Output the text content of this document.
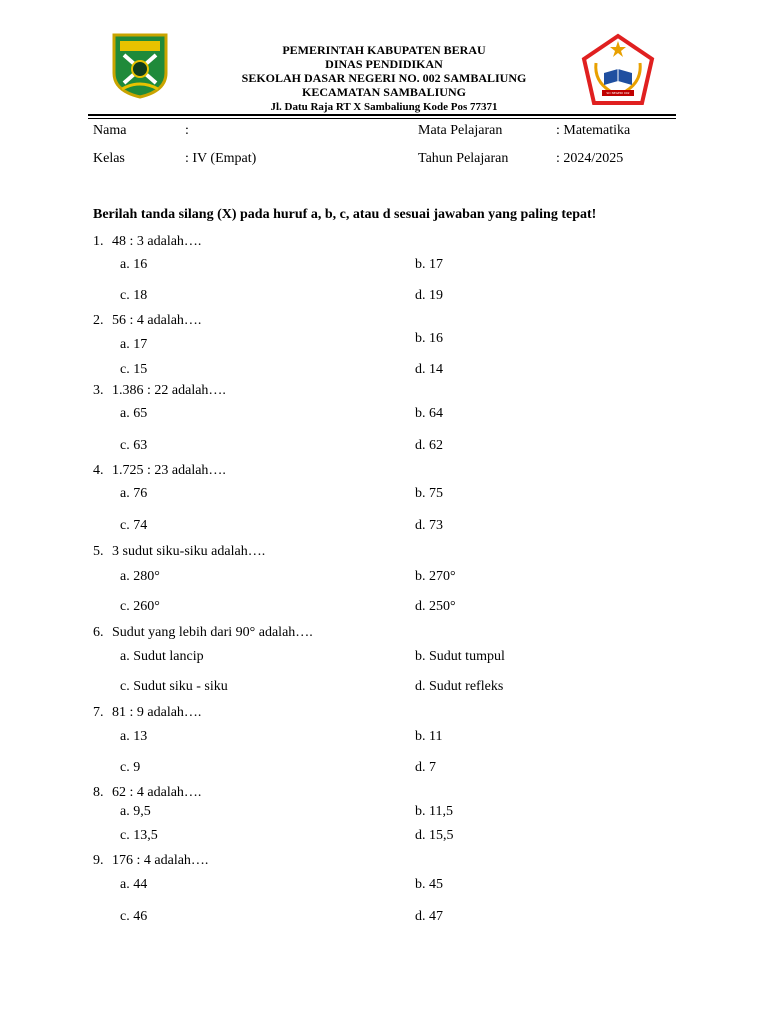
PEMERINTAH KABUPATEN BERAU
DINAS PENDIDIKAN
SEKOLAH DASAR NEGERI NO. 002 SAMBALIUNG
KECAMATAN SAMBALIUNG
Jl. Datu Raja RT X Sambaliung Kode Pos 77371
SD NEGERI 002 SAMBALIUNG
Nama	:	Mata Pelajaran	: Matematika
Kelas	: IV (Empat)	Tahun Pelajaran	: 2024/2025
Berilah tanda silang (X) pada huruf a, b, c, atau d sesuai jawaban yang paling tepat!
1. 48 : 3 adalah….
a. 16	b. 17
c. 18	d. 19
2. 56 : 4 adalah….
a. 17	b. 16
c. 15	d. 14
3. 1.386 : 22 adalah….
a. 65	b. 64
c. 63	d. 62
4. 1.725 : 23 adalah….
a. 76	b. 75
c. 74	d. 73
5. 3 sudut siku-siku adalah….
a. 280°	b. 270°
c. 260°	d. 250°
6. Sudut yang lebih dari 90° adalah….
a. Sudut lancip	b. Sudut tumpul
c. Sudut siku - siku	d. Sudut refleks
7. 81 : 9 adalah….
a. 13	b. 11
c. 9	d. 7
8. 62 : 4 adalah….
a. 9,5	b. 11,5
c. 13,5	d. 15,5
9. 176 : 4 adalah….
a. 44	b. 45
c. 46	d. 47
